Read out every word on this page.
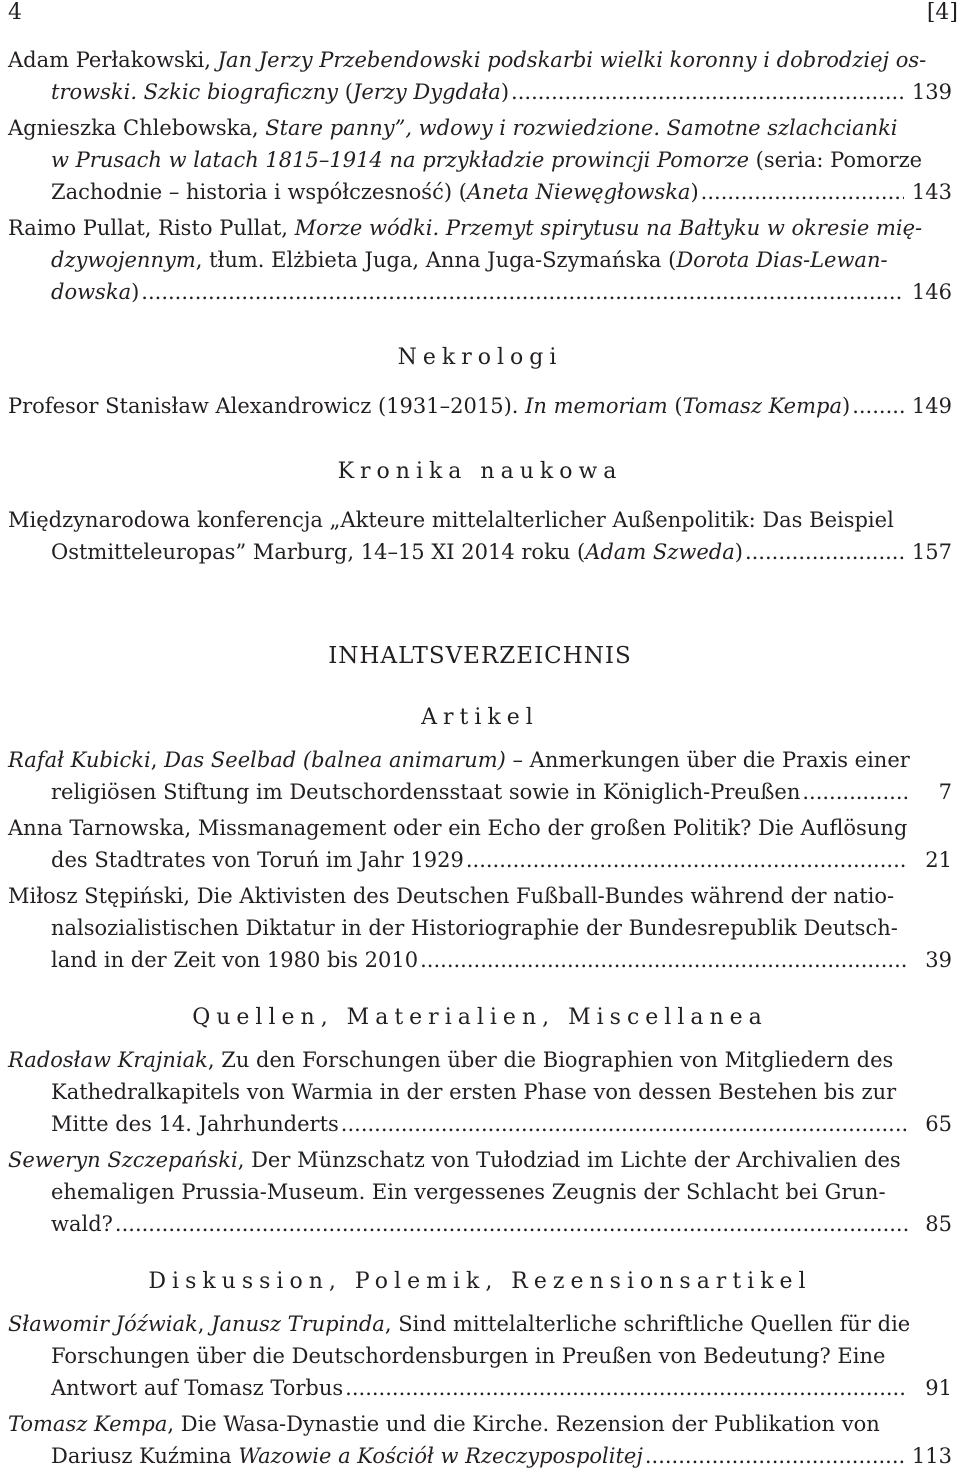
4	[4]
Adam Perłakowski, Jan Jerzy Przebendowski podskarbi wielki koronny i dobrodziej os-
trowski. Szkic biograficzny (Jerzy Dygdała) .....	139
Agnieszka Chlebowska, Stare panny”, wdowy i rozwiedzione. Samotne szlachcianki
w Prusach w latach 1815–1914 na przykładzie prowincji Pomorze (seria: Pomorze
Zachodnie – historia i współczesność) (Aneta Niewęgłowska) .....	143
Raimo Pullat, Risto Pullat, Morze wódki. Przemyt spirytusu na Bałtyku w okresie mię-
dzywojennym, tłum. Elżbieta Juga, Anna Juga-Szymańska (Dorota Dias-Lewan-
dowska) .....	146
Nekrologi
Profesor Stanisław Alexandrowicz (1931–2015). In memoriam (Tomasz Kempa) .....	149
Kronika naukowa
Międzynarodowa konferencja „Akteure mittelalterlicher Außenpolitik: Das Beispiel
Ostmitteleuropas” Marburg, 14–15 XI 2014 roku (Adam Szweda) .....	157
INHALTSVERZEICHNIS
Artikel
Rafał Kubicki, Das Seelbad (balnea animarum) – Anmerkungen über die Praxis einer
religiösen Stiftung im Deutschordensstaat sowie in Königlich-Preußen .....	7
Anna Tarnowska, Missmanagement oder ein Echo der großen Politik? Die Auflösung
des Stadtrates von Toruń im Jahr 1929 .....	21
Miłosz Stępiński, Die Aktivisten des Deutschen Fußball-Bundes während der natio-
nalsozialistischen Diktatur in der Historiographie der Bundesrepublik Deutsch-
land in der Zeit von 1980 bis 2010 .....	39
Quellen, Materialien, Miscellanea
Radosław Krajniak, Zu den Forschungen über die Biographien von Mitgliedern des
Kathedralkapitels von Warmia in der ersten Phase von dessen Bestehen bis zur
Mitte des 14. Jahrhunderts .....	65
Seweryn Szczepański, Der Münzschatz von Tułodziad im Lichte der Archivalien des
ehemaligen Prussia-Museum. Ein vergessenes Zeugnis der Schlacht bei Grun-
wald? .....	85
Diskussion, Polemik, Rezensionsartikel
Sławomir Jóźwiak, Janusz Trupinda, Sind mittelalterliche schriftliche Quellen für die
Forschungen über die Deutschordensburgen in Preußen von Bedeutung? Eine
Antwort auf Tomasz Torbus .....	91
Tomasz Kempa, Die Wasa-Dynastie und die Kirche. Rezension der Publikation von
Dariusz Kuźmina Wazowie a Kościół w Rzeczypospolitej .....	113
